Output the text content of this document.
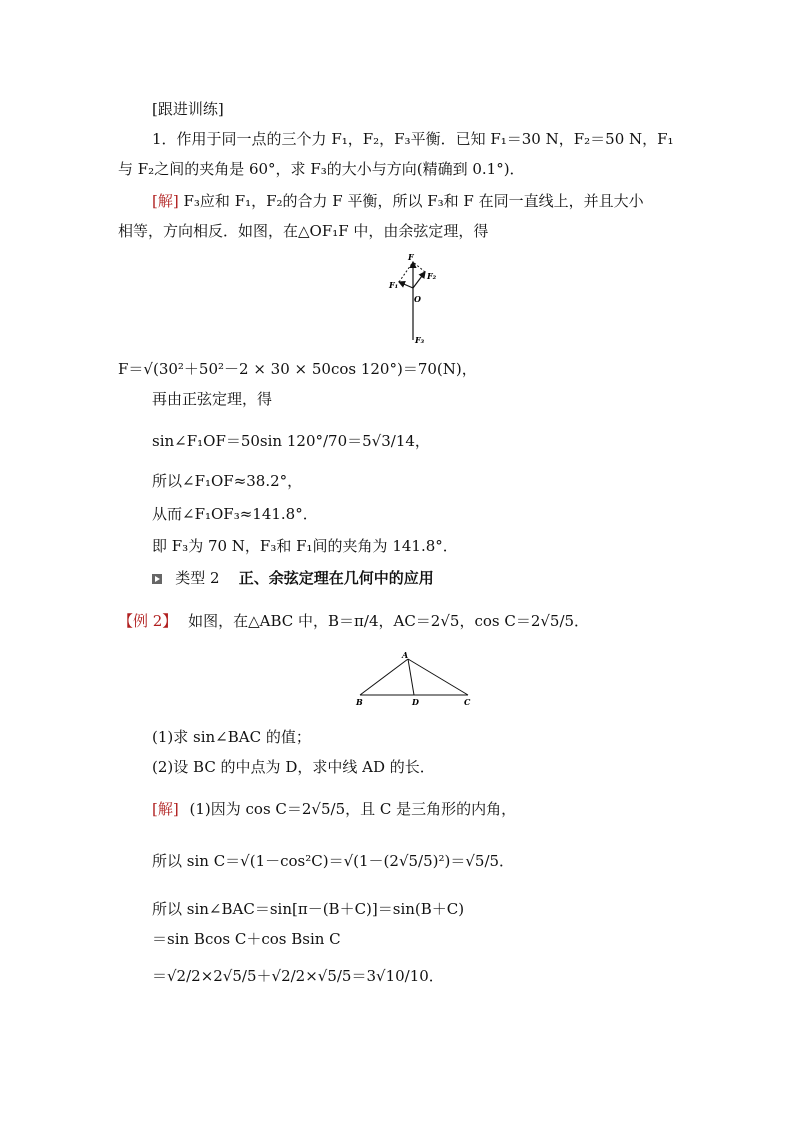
[跟进训练]
1．作用于同一点的三个力 F₁，F₂，F₃平衡．已知 F₁＝30 N，F₂＝50 N，F₁
与 F₂之间的夹角是 60°，求 F₃的大小与方向(精确到 0.1°)．
[解] F₃应和 F₁，F₂的合力 F 平衡，所以 F₃和 F 在同一直线上，并且大小
相等，方向相反．如图，在△OF₁F 中，由余弦定理，得
F
F₁
F₂
O
F₃
F＝√(30²＋50²－2 × 30 × 50cos 120°)＝70(N)，
再由正弦定理，得
sin∠F₁OF＝50sin 120°/70＝5√3/14，
所以∠F₁OF≈38.2°，
从而∠F₁OF₃≈141.8°．
即 F₃为 70 N，F₃和 F₁间的夹角为 141.8°．
类型 2 正、余弦定理在几何中的应用
【例 2】 如图，在△ABC 中，B＝π/4，AC＝2√5，cos C＝2√5/5．
A
B	D	C
(1)求 sin∠BAC 的值；
(2)设 BC 的中点为 D，求中线 AD 的长．
[解] (1)因为 cos C＝2√5/5，且 C 是三角形的内角，
所以 sin C＝√(1－cos²C)＝√(1－(2√5/5)²)＝√5/5．
所以 sin∠BAC＝sin[π－(B＋C)]＝sin(B＋C)
＝sin Bcos C＋cos Bsin C
＝√2/2×2√5/5＋√2/2×√5/5＝3√10/10．
